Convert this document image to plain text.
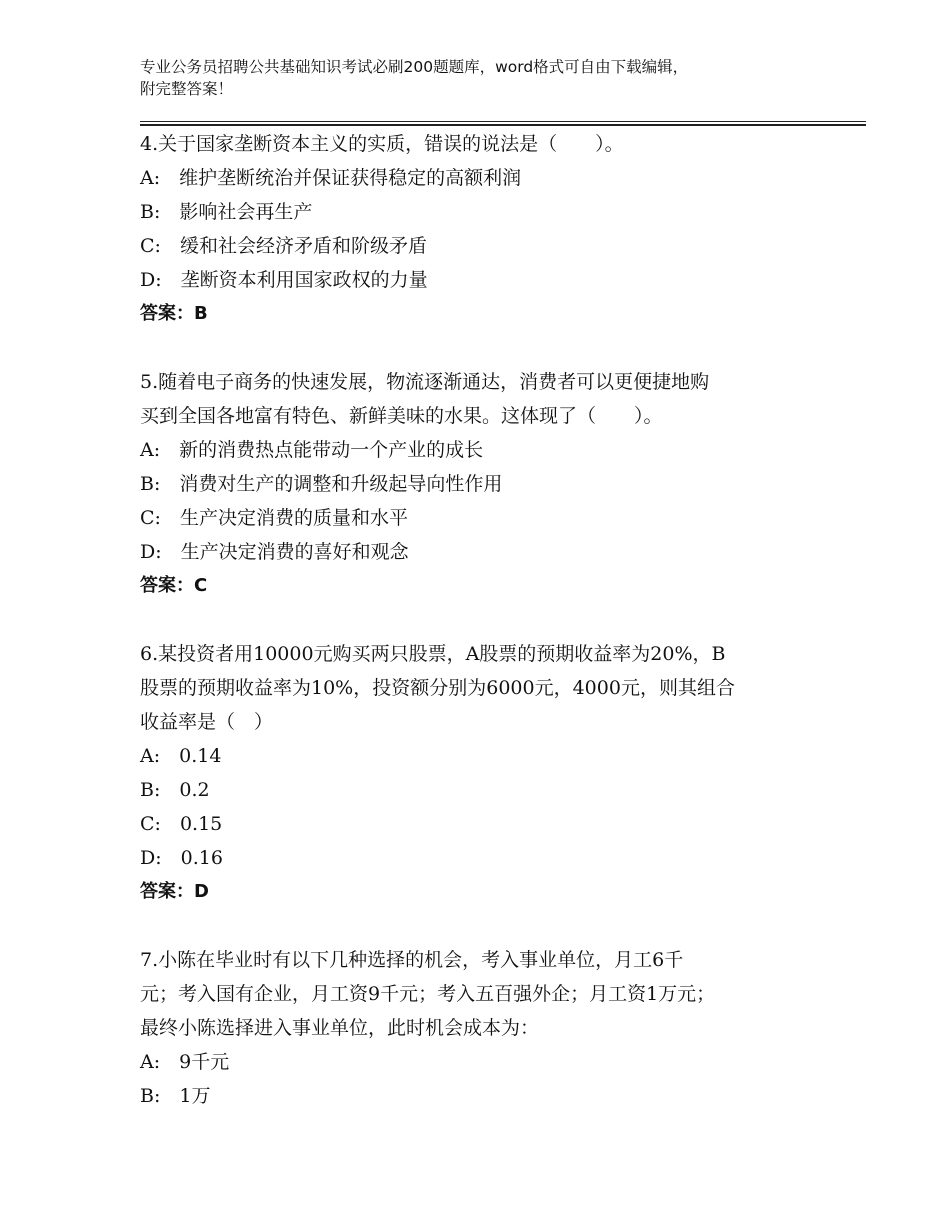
专业公务员招聘公共基础知识考试必刷200题题库，word格式可自由下载编辑，
附完整答案！
4.关于国家垄断资本主义的实质，错误的说法是（　　）。
A:　维护垄断统治并保证获得稳定的高额利润
B:　影响社会再生产
C:　缓和社会经济矛盾和阶级矛盾
D:　垄断资本利用国家政权的力量
答案：B
5.随着电子商务的快速发展，物流逐渐通达，消费者可以更便捷地购
买到全国各地富有特色、新鲜美味的水果。这体现了（　　）。
A:　新的消费热点能带动一个产业的成长
B:　消费对生产的调整和升级起导向性作用
C:　生产决定消费的质量和水平
D:　生产决定消费的喜好和观念
答案：C
6.某投资者用10000元购买两只股票，A股票的预期收益率为20%，B
股票的预期收益率为10%，投资额分别为6000元，4000元，则其组合
收益率是（　）
A:　0.14
B:　0.2
C:　0.15
D:　0.16
答案：D
7.小陈在毕业时有以下几种选择的机会，考入事业单位，月工6千
元；考入国有企业，月工资9千元；考入五百强外企；月工资1万元；
最终小陈选择进入事业单位，此时机会成本为：
A:　9千元
B:　1万
